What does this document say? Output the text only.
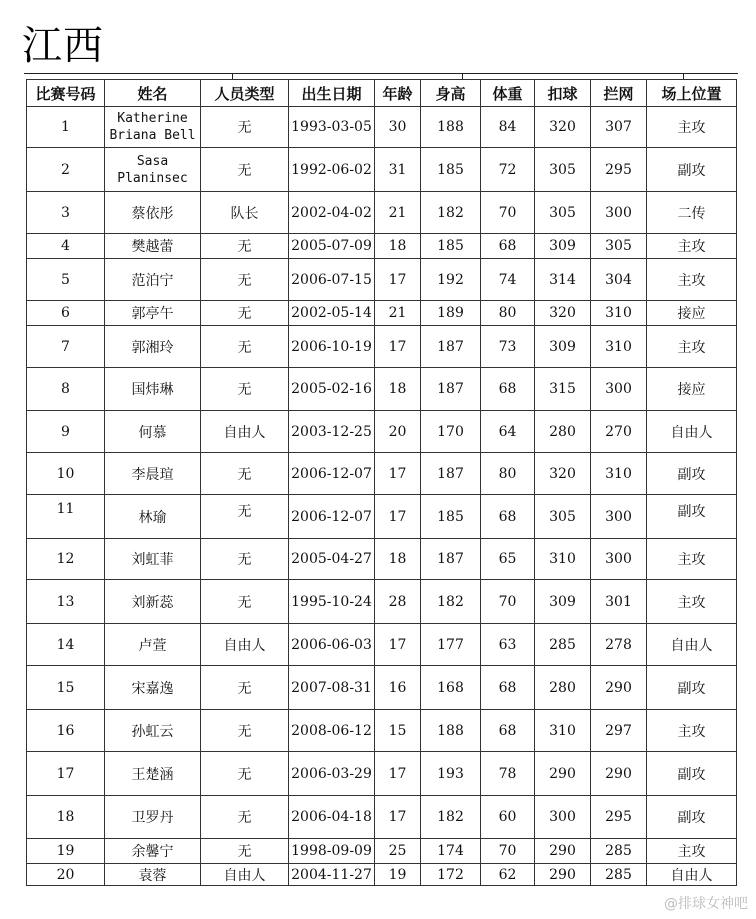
江西
比赛号码	姓名	人员类型	出生日期	年龄	身高	体重	扣球	拦网	场上位置
1	Katherine Briana Bell	无	1993-03-05	30	188	84	320	307	主攻
2	Sasa Planinsec	无	1992-06-02	31	185	72	305	295	副攻
3	蔡依彤	队长	2002-04-02	21	182	70	305	300	二传
4	樊越蕾	无	2005-07-09	18	185	68	309	305	主攻
5	范泊宁	无	2006-07-15	17	192	74	314	304	主攻
6	郭亭午	无	2002-05-14	21	189	80	320	310	接应
7	郭湘玲	无	2006-10-19	17	187	73	309	310	主攻
8	国炜琳	无	2005-02-16	18	187	68	315	300	接应
9	何慕	自由人	2003-12-25	20	170	64	280	270	自由人
10	李晨瑄	无	2006-12-07	17	187	80	320	310	副攻
11	林瑜	无	2006-12-07	17	185	68	305	300	副攻
12	刘虹菲	无	2005-04-27	18	187	65	310	300	主攻
13	刘新蕊	无	1995-10-24	28	182	70	309	301	主攻
14	卢萱	自由人	2006-06-03	17	177	63	285	278	自由人
15	宋嘉逸	无	2007-08-31	16	168	68	280	290	副攻
16	孙虹云	无	2008-06-12	15	188	68	310	297	主攻
17	王楚涵	无	2006-03-29	17	193	78	290	290	副攻
18	卫罗丹	无	2006-04-18	17	182	60	300	295	副攻
19	余馨宁	无	1998-09-09	25	174	70	290	285	主攻
20	袁蓉	自由人	2004-11-27	19	172	62	290	285	自由人
@排球女神吧
